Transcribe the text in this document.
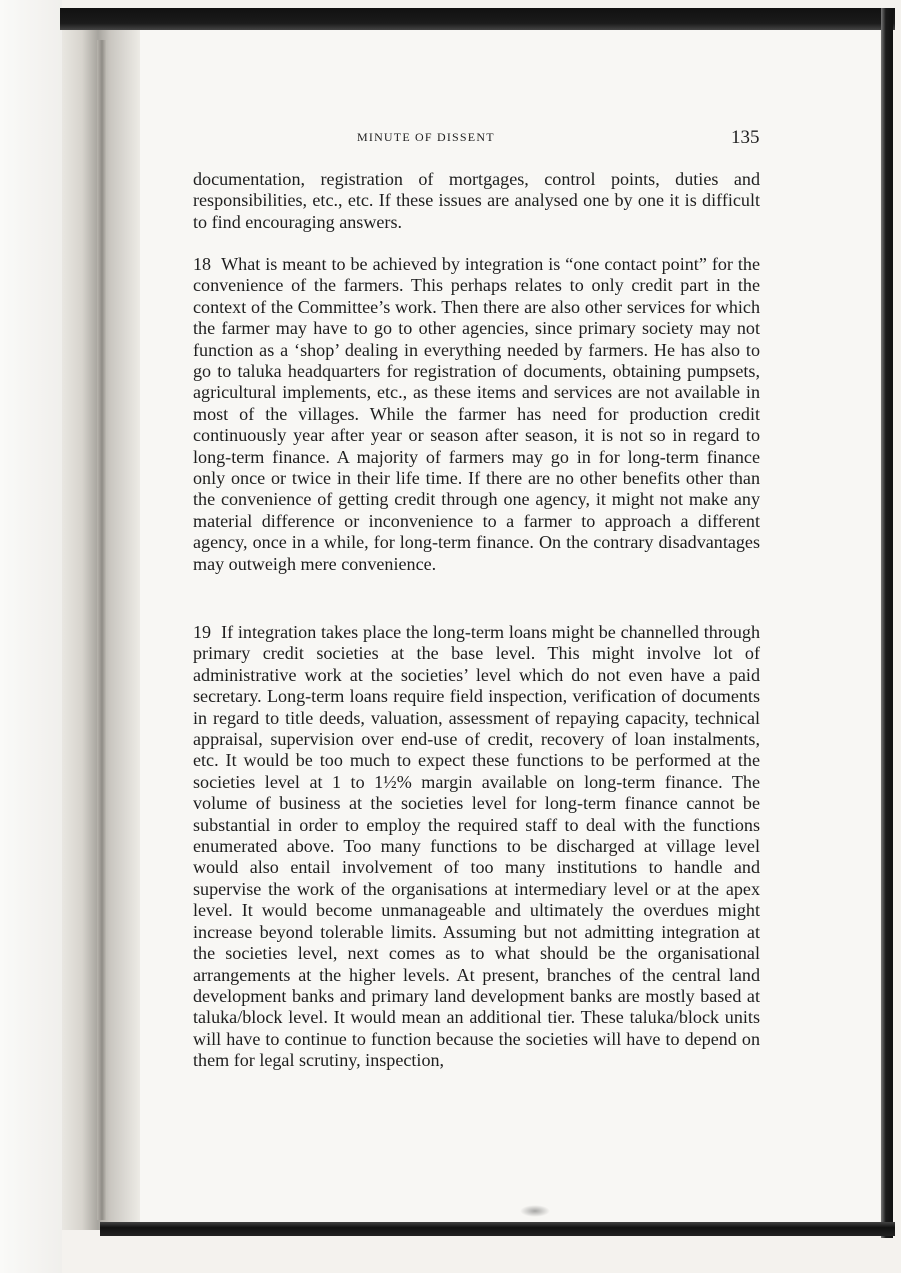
MINUTE OF DISSENT	135

documentation, registration of mortgages, control points, duties and responsibilities, etc., etc. If these issues are analysed one by one it is difficult to find encouraging answers.

18 What is meant to be achieved by integration is “one contact point” for the convenience of the farmers. This perhaps relates to only credit part in the context of the Committee’s work. Then there are also other services for which the farmer may have to go to other agencies, since primary society may not function as a ‘shop’ dealing in everything needed by farmers. He has also to go to taluka headquarters for registration of documents, obtaining pumpsets, agricultural implements, etc., as these items and services are not available in most of the villages. While the farmer has need for production credit continuously year after year or season after season, it is not so in regard to long-term finance. A majority of farmers may go in for long-term finance only once or twice in their life time. If there are no other benefits other than the convenience of getting credit through one agency, it might not make any material difference or inconvenience to a farmer to approach a different agency, once in a while, for long-term finance. On the contrary disadvantages may outweigh mere convenience.

19 If integration takes place the long-term loans might be channelled through primary credit societies at the base level. This might involve lot of administrative work at the societies’ level which do not even have a paid secretary. Long-term loans require field inspection, verification of documents in regard to title deeds, valuation, assessment of repaying capacity, technical appraisal, supervision over end-use of credit, recovery of loan instalments, etc. It would be too much to expect these functions to be performed at the societies level at 1 to 1½% margin available on long-term finance. The volume of business at the societies level for long-term finance cannot be substantial in order to employ the required staff to deal with the functions enumerated above. Too many functions to be discharged at village level would also entail involvement of too many institutions to handle and supervise the work of the organisations at intermediary level or at the apex level. It would become unmanageable and ultimately the overdues might increase beyond tolerable limits. Assuming but not admitting integration at the societies level, next comes as to what should be the organisational arrangements at the higher levels. At present, branches of the central land development banks and primary land development banks are mostly based at taluka/block level. It would mean an additional tier. These taluka/block units will have to continue to function because the societies will have to depend on them for legal scrutiny, inspection,
